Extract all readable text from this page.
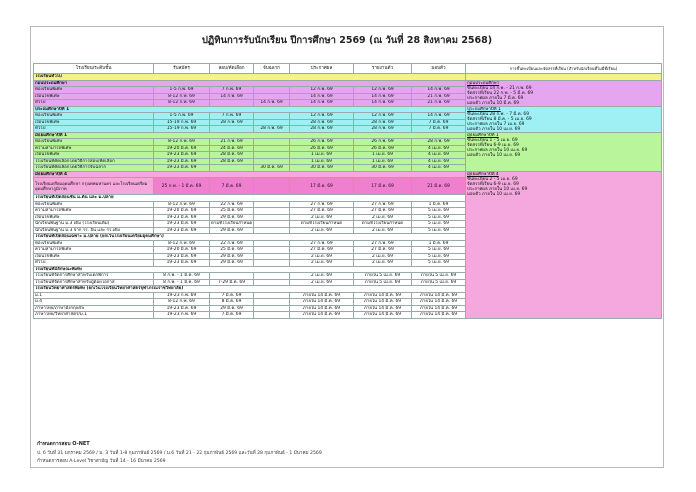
ปฏิทินการรับนักเรียน ปีการศึกษา 2569 (ณ วันที่ 28 สิงหาคม 2568)
โรงเรียน/ระดับชั้น	รับสมัคร	สอบ/คัดเลือก	จับฉลาก	ประกาศผล	รายงานตัว	มอบตัว	การขึ้นทะเบียนและจัดสรรที่เรียน (สำหรับนักเรียนที่ไม่มีที่เรียน)
โรงเรียนทั่วไป							
ก่อนประถมศึกษา							ก่อนประถมศึกษา
ขึ้นทะเบียน 14 ก.พ. - 21 ก.พ. 69
จัดสรรที่เรียน 22 ก.พ. - 5 มี.ค. 69
ประกาศผล ภายใน 7 มี.ค. 69
มอบตัว ภายใน 10 มี.ค. 69

ห้องเรียนพิเศษ	1-5 ก.พ. 69	7 ก.พ. 69		12 ก.พ. 69	12 ก.พ. 69	14 ก.พ. 69	
เงื่อนไขพิเศษ	8-12 ก.พ. 69	14 ก.พ. 69		14 ก.พ. 69	14 ก.พ. 69	21 ก.พ. 69	
ทั่วไป	8-12 ก.พ. 69		14 ก.พ. 69	14 ก.พ. 69	14 ก.พ. 69	21 ก.พ. 69	
ประถมศึกษาปีที่ 1							ประถมศึกษาปีที่ 1
ขึ้นทะเบียน 28 ก.พ. - 7 มี.ค. 69
จัดสรรที่เรียน 8 มี.ค. - 5 เม.ย. 69
ประกาศผล ภายใน 7 เม.ย. 69
มอบตัว ภายใน 10 เม.ย. 69

ห้องเรียนพิเศษ	1-5 ก.พ. 69	7 ก.พ. 69		12 ก.พ. 69	12 ก.พ. 69	14 ก.พ. 69	
เงื่อนไขพิเศษ	15-19 ก.พ. 69	28 ก.พ. 69		28 ก.พ. 69	28 ก.พ. 69	7 มี.ค. 69	
ทั่วไป	15-19 ก.พ. 69		28 ก.พ. 69	28 ก.พ. 69	28 ก.พ. 69	7 มี.ค. 69	
มัธยมศึกษาปีที่ 1							มัธยมศึกษาปีที่ 1
ขึ้นทะเบียน 1 - 5 เม.ย. 69
จัดสรรที่เรียน 6-9 เม.ย. 69
ประกาศผล ภายใน 10 เม.ย. 69
มอบตัว ภายใน 10 เม.ย. 69

ห้องเรียนพิเศษ	8-12 ก.พ. 69	21 ก.พ. 69		26 ก.พ. 69	26 ก.พ. 69	28 ก.พ. 69	
ความสามารถพิเศษ	19-20 มี.ค. 69	24 มี.ค. 69		26 มี.ค. 69	26 มี.ค. 69	4 เม.ย. 69	
เงื่อนไขพิเศษ	19-23 มี.ค. 69	28 มี.ค. 69		1 เม.ย. 69	1 เม.ย. 69	4 เม.ย. 69	
โรงเรียนที่คัดเลือกโดยวิธีการสอบ/คัดเลือก	19-23 มี.ค. 69	28 มี.ค. 69		1 เม.ย. 69	1 เม.ย. 69	4 เม.ย. 69	
โรงเรียนที่คัดเลือกโดยวิธีการจับฉลาก	19-23 มี.ค. 69		30 มี.ค. 69	30 มี.ค. 69	30 มี.ค. 69	4 เม.ย. 69	
มัธยมศึกษาปีที่ 4							มัธยมศึกษาปีที่ 4
ขึ้นทะเบียน 2 - 5 เม.ย. 69
จัดสรรที่เรียน 6-9 เม.ย. 69
ประกาศผล ภายใน 10 เม.ย. 69
มอบตัว ภายใน 10 เม.ย. 69

โรงเรียนเตรียมอุดมศึกษา กรุงเทพมหานคร และโรงเรียนเตรียมอุดมศึกษาภูมิภาค	25 ก.พ. - 1 มี.ค. 69	7 มี.ค. 69		17 มี.ค. 69	17 มี.ค. 69	21 มี.ค. 69	
โรงเรียนที่เปิดสอนชั้น ม.ต้น และ ม.ปลาย							
ห้องเรียนพิเศษ	8-12 ก.พ. 69	22 ก.พ. 69		27 ก.พ. 69	27 ก.พ. 69	1 มี.ค. 69	
ความสามารถพิเศษ	19-20 มี.ค. 69	25 มี.ค. 69		27 มี.ค. 69	27 มี.ค. 69	5 เม.ย. 69	
เงื่อนไขพิเศษ	19-23 มี.ค. 69	29 มี.ค. 69		2 เม.ย. 69	2 เม.ย. 69	5 เม.ย. 69	
นักเรียนพื้นฐาน ม.3 เดิม (โรงเรียนเดิม)	19-23 มี.ค. 69	ตามที่โรงเรียนกำหนด		ตามที่โรงเรียนกำหนด	ตามที่โรงเรียนกำหนด	5 เม.ย. 69	
นักเรียนพื้นฐาน ม.3 จาก รร. อื่น และ รร.เดิม	19-23 มี.ค. 69	29 มี.ค. 69		2 เม.ย. 69	2 เม.ย. 69	5 เม.ย. 69	
โรงเรียนที่เปิดสอนเฉพาะ ม.ปลาย (ยกเว้นโรงเรียนเตรียมอุดมศึกษา)							
ห้องเรียนพิเศษ	8-12 ก.พ. 69	22 ก.พ. 69		27 ก.พ. 69	27 ก.พ. 69	1 มี.ค. 69	
ความสามารถพิเศษ	19-20 มี.ค. 69	25 มี.ค. 69		27 มี.ค. 69	27 มี.ค. 69	5 เม.ย. 69	
เงื่อนไขพิเศษ	19-23 มี.ค. 69	29 มี.ค. 69		2 เม.ย. 69	2 เม.ย. 69	5 เม.ย. 69	
ทั่วไป	19-23 มี.ค. 69	29 มี.ค. 69		2 เม.ย. 69	2 เม.ย. 69	5 เม.ย. 69	
โรงเรียนที่มีลักษณะพิเศษ							
โรงเรียนที่จัดการศึกษาสำหรับเด็กพิการ	8 ก.พ. - 1 มี.ค. 69			2 เม.ย. 69	ภายใน 5 เม.ย. 69	ภายใน 5 เม.ย. 69	
โรงเรียนที่จัดการศึกษาสำหรับผู้ด้อยโอกาส	8 ก.พ. - 1 มี.ค. 69	7-29 มี.ค. 69		2 เม.ย. 69	ภายใน 5 เม.ย. 69	ภายใน 5 เม.ย. 69	
โรงเรียนวิทยาศาสตร์พิเศษ (ยกเว้นโรงเรียนวิทยาศาสตร์จุฬาภรณราชวิทยาลัย)							
ม.1	19-23 ก.พ. 69	7 มี.ค. 69		ภายใน 14 มี.ค. 69	ภายใน 14 มี.ค. 69	ภายใน 14 มี.ค. 69	
ม.4	8-12 ก.พ. 69	8 มี.ค. 69		ภายใน 14 มี.ค. 69	ภายใน 14 มี.ค. 69	ภายใน 14 มี.ค. 69	
ภาษาไทย/ภาษาอังกฤษ/IS	19-23 มี.ค. 69	29 มี.ค. 69		ภายใน 14 มี.ค. 69	ภายใน 14 มี.ค. 69	ภายใน 14 มี.ค. 69	
ภาษาไทย/วิทยาศาสตร์/ม.1	19-23 ก.พ. 69	7 มี.ค. 69		ภายใน 14 มี.ค. 69	ภายใน 14 มี.ค. 69	ภายใน 14 มี.ค. 69	
กำหนดการสอบ O-NET
ป. 6 วันที่ 31 มกราคม 2569 / ม. 3 วันที่ 1-8 กุมภาพันธ์ 2569 / ม.6 วันที่ 21 - 22 กุมภาพันธ์ 2569 และวันที่ 28 กุมภาพันธ์ - 1 มีนาคม 2569
กำหนดการสอบ A-Level วิชาสามัญ วันที่ 14 - 16 มีนาคม 2569
